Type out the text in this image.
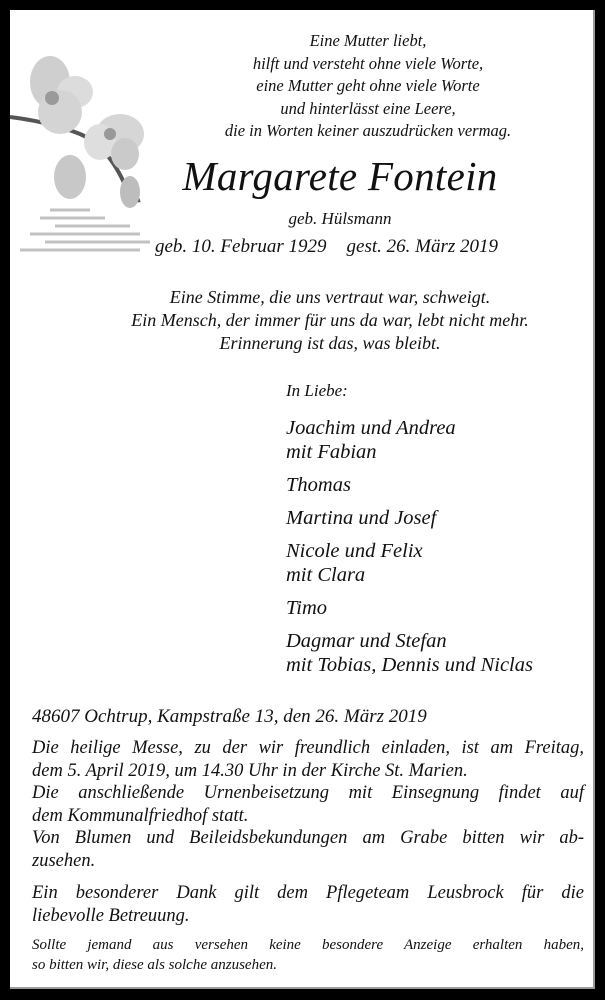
Eine Mutter liebt,
hilft und versteht ohne viele Worte,
eine Mutter geht ohne viele Worte
und hinterlässt eine Leere,
die in Worten keiner auszudrücken vermag.
Margarete Fontein
geb. Hülsmann
geb. 10. Februar 1929 gest. 26. März 2019
Eine Stimme, die uns vertraut war, schweigt.
Ein Mensch, der immer für uns da war, lebt nicht mehr.
Erinnerung ist das, was bleibt.
In Liebe:
Joachim und Andrea
mit Fabian
Thomas
Martina und Josef
Nicole und Felix
mit Clara
Timo
Dagmar und Stefan
mit Tobias, Dennis und Niclas
48607 Ochtrup, Kampstraße 13, den 26. März 2019
Die heilige Messe, zu der wir freundlich einladen, ist am Freitag,
dem 5. April 2019, um 14.30 Uhr in der Kirche St. Marien.
Die anschließende Urnenbeisetzung mit Einsegnung findet auf
dem Kommunalfriedhof statt.
Von Blumen und Beileidsbekundungen am Grabe bitten wir ab-
zusehen.
Ein besonderer Dank gilt dem Pflegeteam Leusbrock für die
liebevolle Betreuung.
Sollte jemand aus versehen keine besondere Anzeige erhalten haben,
so bitten wir, diese als solche anzusehen.
